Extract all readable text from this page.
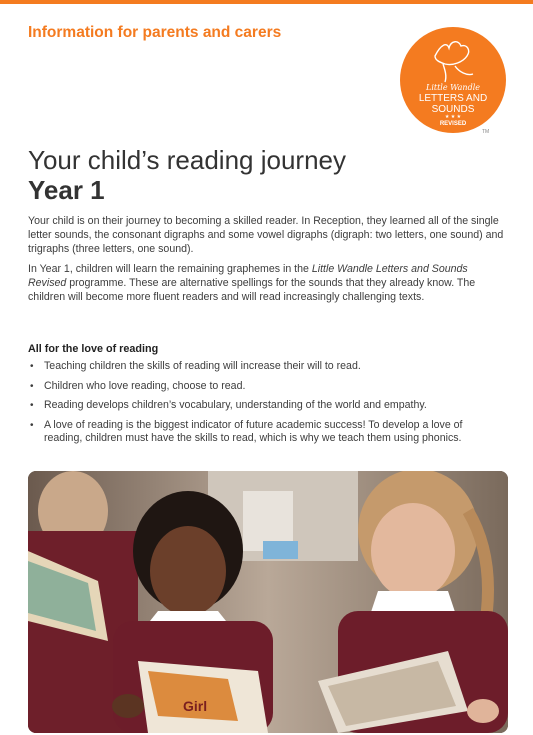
Information for parents and carers
Little Wandle
LETTERS AND
SOUNDS
★ ★ ★
REVISED
TM
Your child’s reading journey
Year 1

Your child is on their journey to becoming a skilled reader. In Reception, they learned all of the single letter sounds, the consonant digraphs and some vowel digraphs (digraph: two letters, one sound) and trigraphs (three letters, one sound).

In Year 1, children will learn the remaining graphemes in the Little Wandle Letters and Sounds Revised programme. These are alternative spellings for the sounds that they already know. The children will become more fluent readers and will read increasingly challenging texts.

All for the love of reading
• Teaching children the skills of reading will increase their will to read.
• Children who love reading, choose to read.
• Reading develops children’s vocabulary, understanding of the world and empathy.
• A love of reading is the biggest indicator of future academic success! To develop a love of reading, children must have the skills to read, which is why we teach them using phonics.
Girl
